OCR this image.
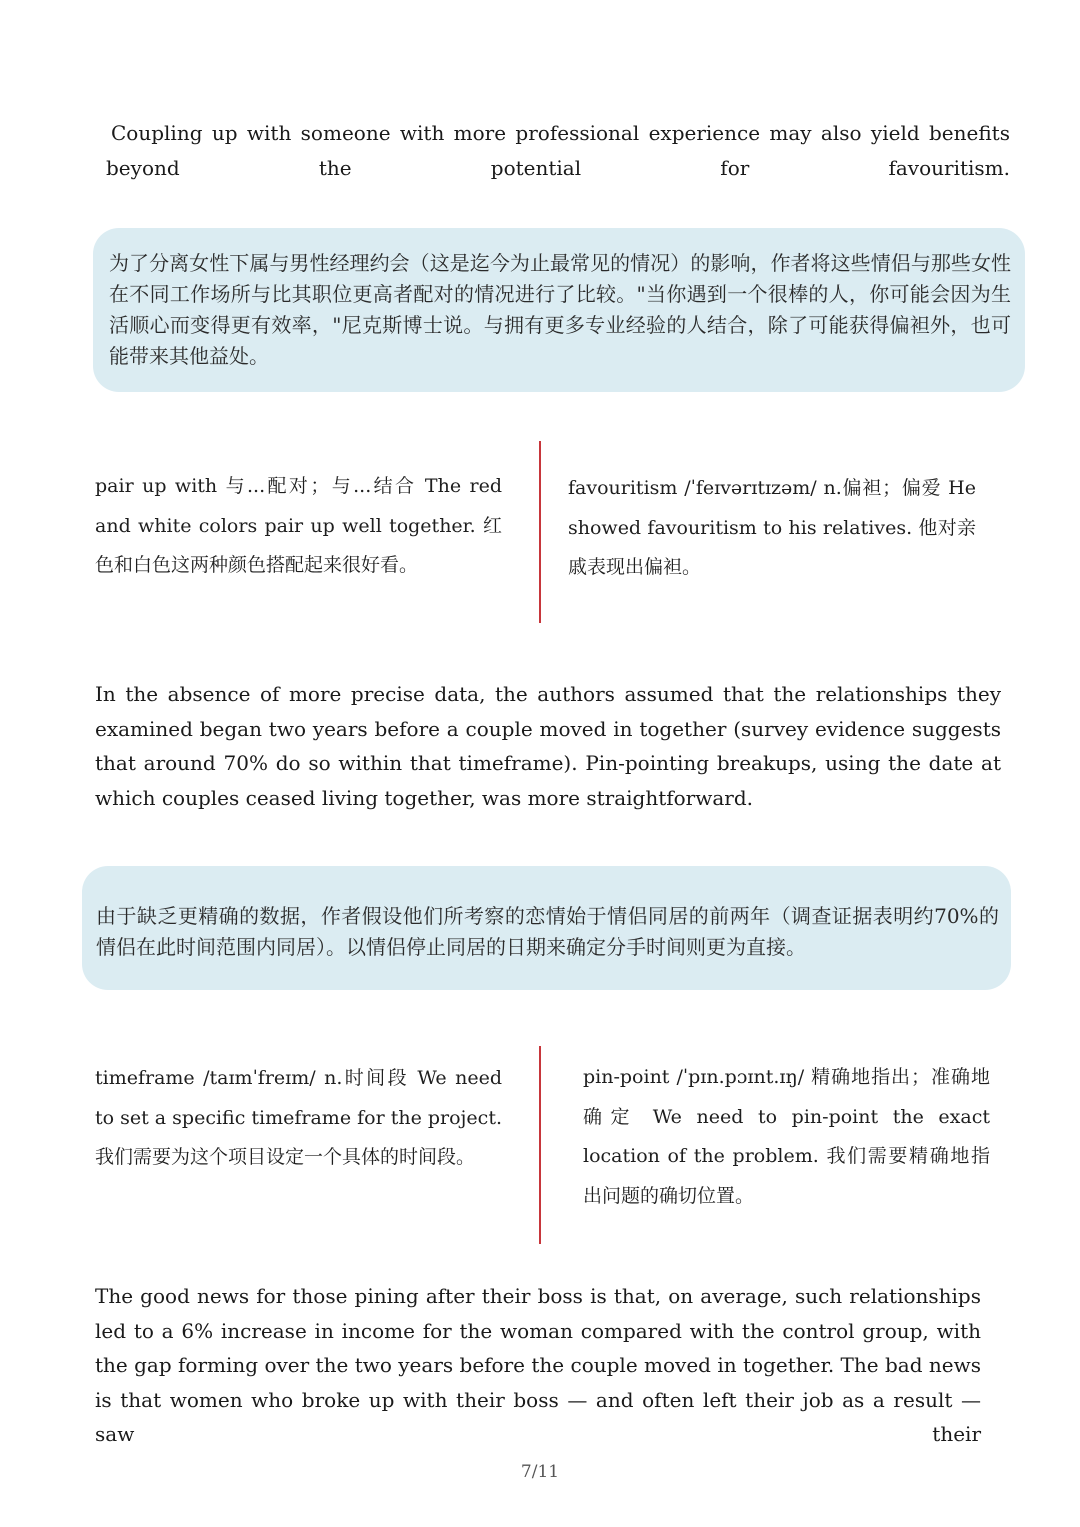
Coupling up with someone with more professional experience may also yield benefits beyond the potential for favouritism.

为了分离女性下属与男性经理约会（这是迄今为止最常见的情况）的影响，作者将这些情侣与那些女性在不同工作场所与比其职位更高者配对的情况进行了比较。"当你遇到一个很棒的人，你可能会因为生活顺心而变得更有效率，"尼克斯博士说。与拥有更多专业经验的人结合，除了可能获得偏袒外，也可能带来其他益处。

pair up with 与...配对；与...结合 The red and white colors pair up well together. 红色和白色这两种颜色搭配起来很好看。

favouritism /ˈfeɪvərɪtɪzəm/ n.偏袒；偏爱 He showed favouritism to his relatives. 他对亲戚表现出偏袒。

In the absence of more precise data, the authors assumed that the relationships they examined began two years before a couple moved in together (survey evidence suggests that around 70% do so within that timeframe). Pin-pointing breakups, using the date at which couples ceased living together, was more straightforward.

由于缺乏更精确的数据，作者假设他们所考察的恋情始于情侣同居的前两年（调查证据表明约70%的情侣在此时间范围内同居）。以情侣停止同居的日期来确定分手时间则更为直接。

timeframe /taɪmˈfreɪm/ n.时间段 We need to set a specific timeframe for the project. 我们需要为这个项目设定一个具体的时间段。

pin-point /ˈpɪn.pɔɪnt.ɪŋ/ 精确地指出；准确地确定 We need to pin-point the exact location of the problem. 我们需要精确地指出问题的确切位置。

The good news for those pining after their boss is that, on average, such relationships led to a 6% increase in income for the woman compared with the control group, with the gap forming over the two years before the couple moved in together. The bad news is that women who broke up with their boss — and often left their job as a result — saw their

7/11
